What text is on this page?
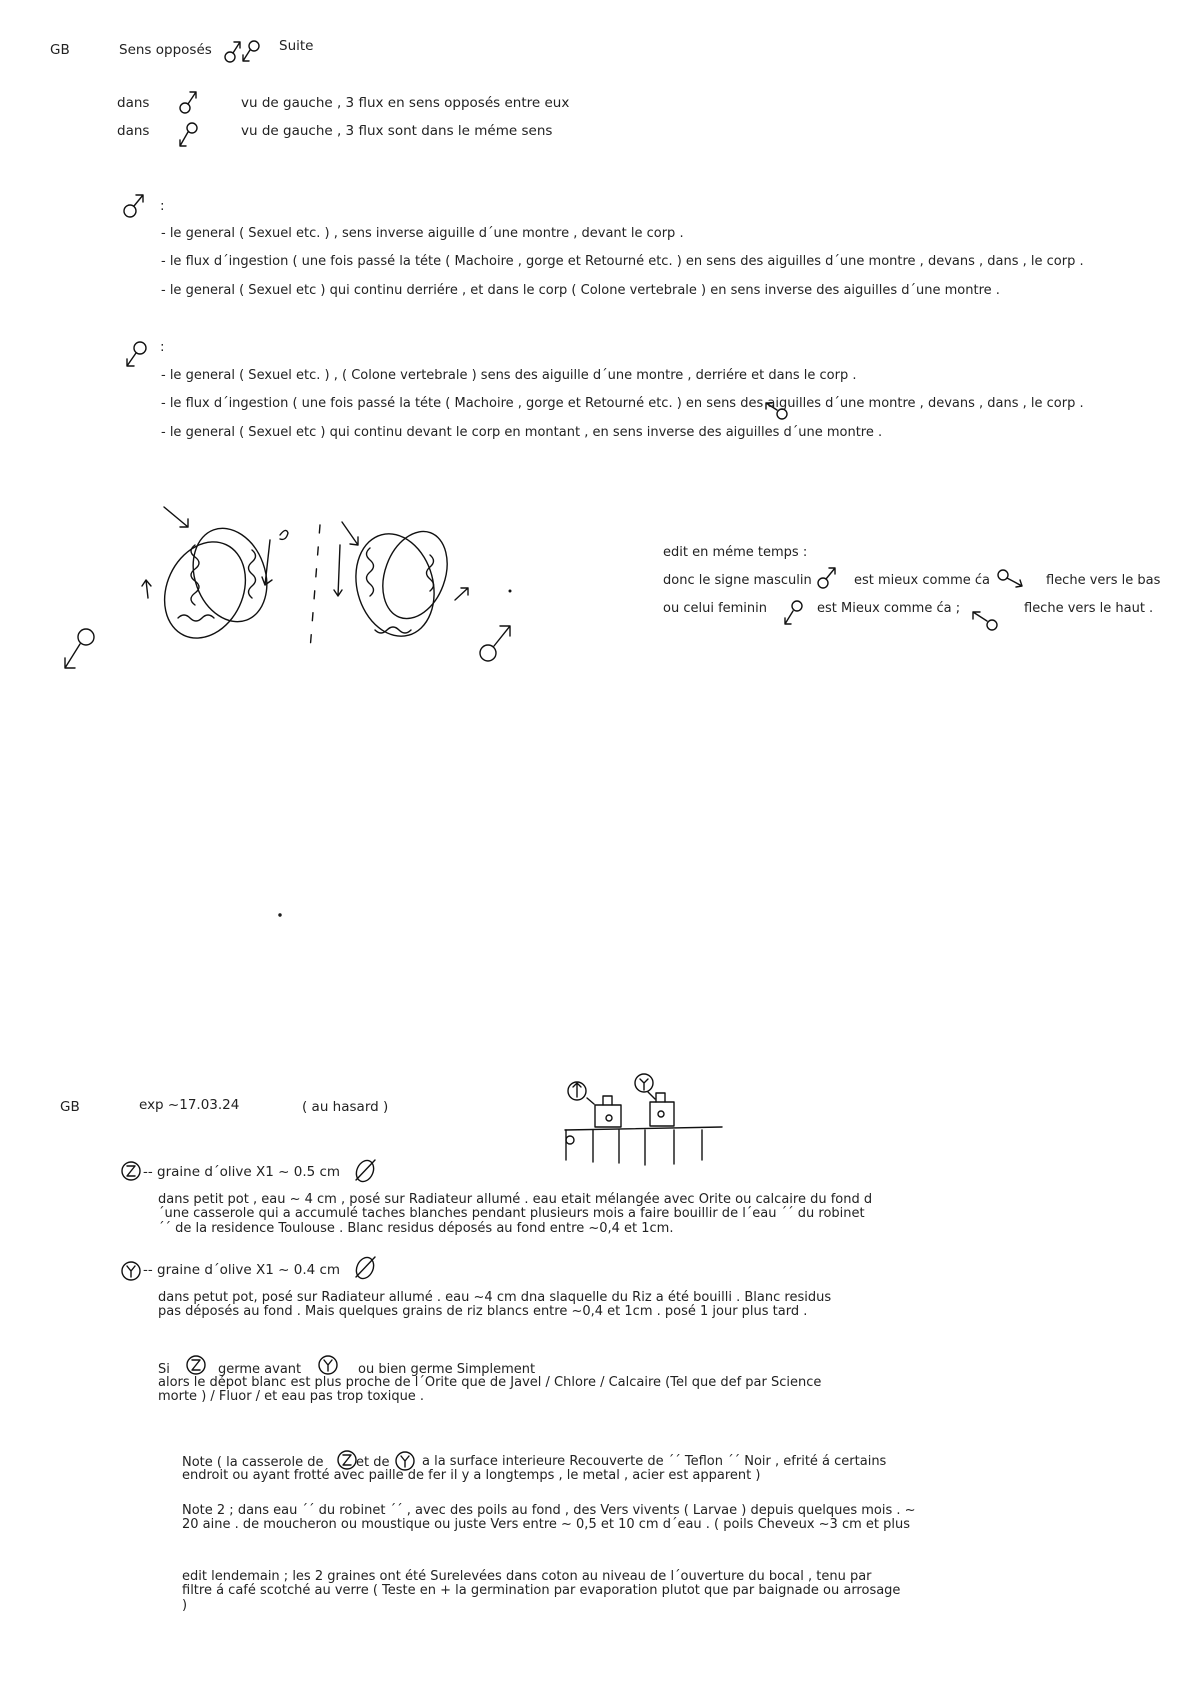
GB	Sens opposés	Suite
dans	vu de gauche , 3 flux en sens opposés entre eux
dans	vu de gauche , 3 flux sont dans le méme sens
:
- le general ( Sexuel etc. ) , sens inverse aiguille d´une montre , devant le corp .
- le flux d´ingestion ( une fois passé la téte ( Machoire , gorge et Retourné etc. ) en sens des aiguilles d´une montre , devans , dans , le corp .
- le general ( Sexuel etc ) qui continu derriére , et dans le corp ( Colone vertebrale ) en sens inverse des aiguilles d´une montre .
:
- le general ( Sexuel etc. ) , ( Colone vertebrale ) sens des aiguille d´une montre , derriére et dans le corp .
- le flux d´ingestion ( une fois passé la téte ( Machoire , gorge et Retourné etc. ) en sens des aiguilles d´une montre , devans , dans , le corp .
- le general ( Sexuel etc ) qui continu devant le corp en montant , en sens inverse des aiguilles d´une montre .
edit en méme temps :
donc le signe masculin	est mieux comme ća	fleche vers le bas
ou celui feminin	est Mieux comme ća ;	fleche vers le haut .
GB	exp ~17.03.24	( au hasard )
-- graine d´olive X1 ~ 0.5 cm
dans petit pot , eau ~ 4 cm , posé sur Radiateur allumé . eau etait mélangée avec Orite ou calcaire du fond d´une casserole qui a accumulé taches blanches pendant plusieurs mois a faire bouillir de l´eau ´´ du robinet ´´ de la residence Toulouse . Blanc residus déposés au fond entre ~0,4 et 1cm.
-- graine d´olive X1 ~ 0.4 cm
dans petut pot, posé sur Radiateur allumé . eau ~4 cm dna slaquelle du Riz a été bouilli . Blanc residus pas déposés au fond . Mais quelques grains de riz blancs entre ~0,4 et 1cm . posé 1 jour plus tard .
Si	germe avant	ou bien germe Simplement
alors le dépot blanc est plus proche de l´Orite que de Javel / Chlore / Calcaire (Tel que def par Science morte ) / Fluor / et eau pas trop toxique .
Note ( la casserole de	et de	a la surface interieure Recouverte de ´´ Teflon ´´ Noir , efrité á certains endroit ou ayant frotté avec paille de fer il y a longtemps , le metal , acier est apparent )
Note 2 ; dans eau ´´ du robinet ´´ , avec des poils au fond , des Vers vivents ( Larvae ) depuis quelques mois . ~ 20 aine . de moucheron ou moustique ou juste Vers entre ~ 0,5 et 10 cm d´eau . ( poils Cheveux ~3 cm et plus
edit lendemain ; les 2 graines ont été Surelevées dans coton au niveau de l´ouverture du bocal , tenu par filtre á café scotché au verre ( Teste en + la germination par evaporation plutot que par baignade ou arrosage )
